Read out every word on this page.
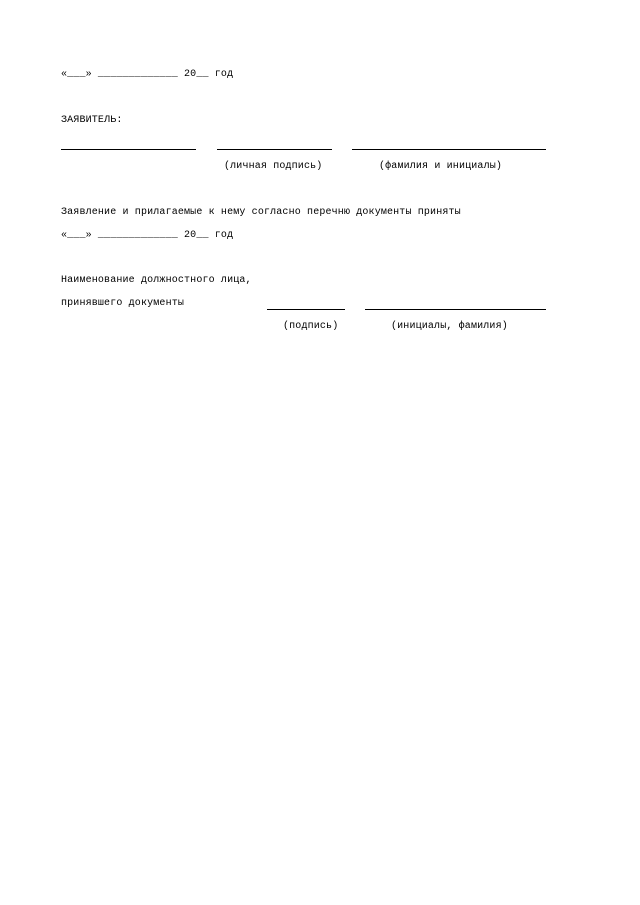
«___» _____________ 20__ год
ЗАЯВИТЕЛЬ:
(личная подпись)	(фамилия и инициалы)
Заявление и прилагаемые к нему согласно перечню документы приняты
«___» _____________ 20__ год
Наименование должностного лица,
принявшего документы
(подпись)	(инициалы, фамилия)
